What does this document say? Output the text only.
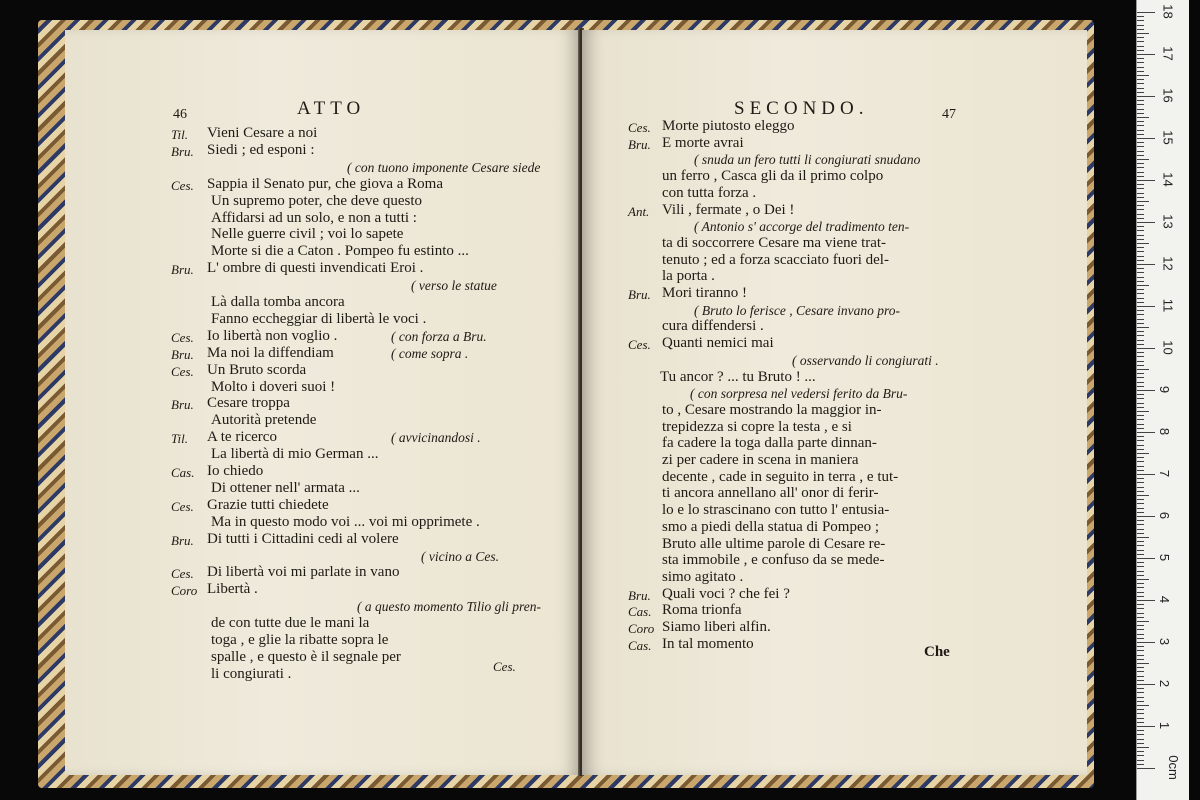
46	ATTO
Til. Vieni Cesare a noi
Bru. Siedi ; ed esponi :
( con tuono imponente Cesare siede
Ces. Sappia il Senato pur, che giova a Roma
Un supremo poter, che deve questo
Affidarsi ad un solo, e non a tutti :
Nelle guerre civil ; voi lo sapete
Morte si die a Caton . Pompeo fu estinto ...
Bru. L' ombre di questi invendicati Eroi .
( verso le statue
Là dalla tomba ancora
Fanno eccheggiar di libertà le voci .
Ces. Io libertà non voglio .	( con forza a Bru.
Bru. Ma noi la diffendiam	( come sopra .
Ces. Un Bruto scorda
Molto i doveri suoi !
Bru. Cesare troppa
Autorità pretende
Til. A te ricerco	( avvicinandosi .
La libertà di mio German ...
Cas. Io chiedo
Di ottener nell' armata ...
Ces. Grazie tutti chiedete
Ma in questo modo voi ... voi mi opprimete .
Bru. Di tutti i Cittadini cedi al volere
( vicino a Ces.
Ces. Di libertà voi mi parlate in vano
Coro Libertà .
( a questo momento Tilio gli pren-
de con tutte due le mani la
toga , e glie la ribatte sopra le
spalle , e questo è il segnale per
li congiurati .	Ces.
SECONDO.	47
Ces. Morte piutosto eleggo
Bru. E morte avrai
( snuda un fero tutti li congiurati snudano
un ferro , Casca gli da il primo colpo
con tutta forza .
Ant. Vili , fermate , o Dei !
( Antonio s' accorge del tradimento ten-
ta di soccorrere Cesare ma viene trat-
tenuto ; ed a forza scacciato fuori del-
la porta .
Bru. Mori tiranno !
( Bruto lo ferisce , Cesare invano pro-
cura diffendersi .
Ces. Quanti nemici mai
( osservando li congiurati .
Tu ancor ? ... tu Bruto ! ...
( con sorpresa nel vedersi ferito da Bru-
to , Cesare mostrando la maggior in-
trepidezza si copre la testa , e si
fa cadere la toga dalla parte dinnan-
zi per cadere in scena in maniera
decente , cade in seguito in terra , e tut-
ti ancora annellano all' onor di ferir-
lo e lo strascinano con tutto l' entusia-
smo a piedi della statua di Pompeo ;
Bruto alle ultime parole di Cesare re-
sta immobile , e confuso da se mede-
simo agitato .
Bru. Quali voci ? che fei ?
Cas. Roma trionfa
Coro Siamo liberi alfin.
Cas. In tal momento
Che
18
17
16
15
14
13
12
11
10
9
8
7
6
5
4
3
2
1
0cm
